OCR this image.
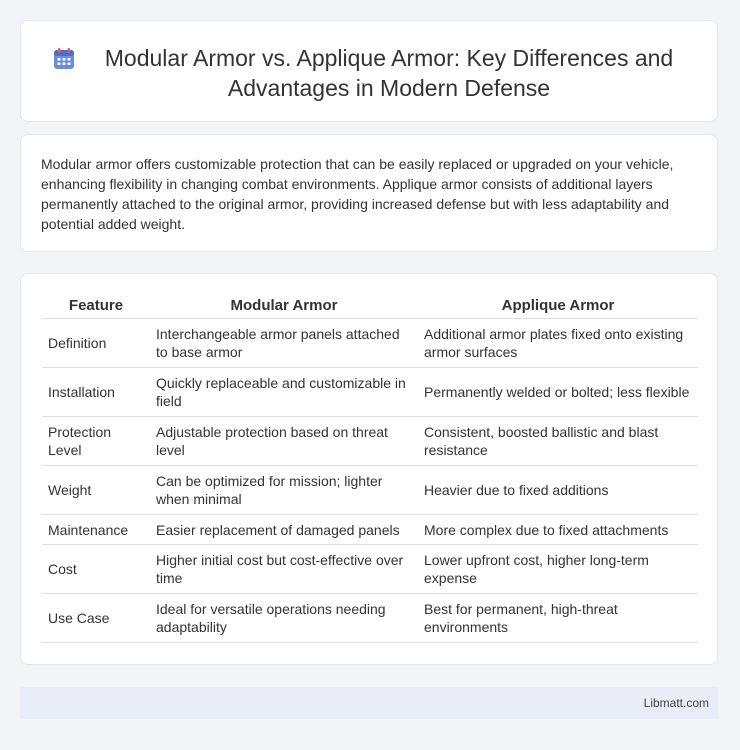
Modular Armor vs. Applique Armor: Key Differences and Advantages in Modern Defense

Modular armor offers customizable protection that can be easily replaced or upgraded on your vehicle, enhancing flexibility in changing combat environments. Applique armor consists of additional layers permanently attached to the original armor, providing increased defense but with less adaptability and potential added weight.

Feature	Modular Armor	Applique Armor
Definition	Interchangeable armor panels attached to base armor	Additional armor plates fixed onto existing armor surfaces
Installation	Quickly replaceable and customizable in field	Permanently welded or bolted; less flexible
Protection Level	Adjustable protection based on threat level	Consistent, boosted ballistic and blast resistance
Weight	Can be optimized for mission; lighter when minimal	Heavier due to fixed additions
Maintenance	Easier replacement of damaged panels	More complex due to fixed attachments
Cost	Higher initial cost but cost-effective over time	Lower upfront cost, higher long-term expense
Use Case	Ideal for versatile operations needing adaptability	Best for permanent, high-threat environments
Libmatt.com
